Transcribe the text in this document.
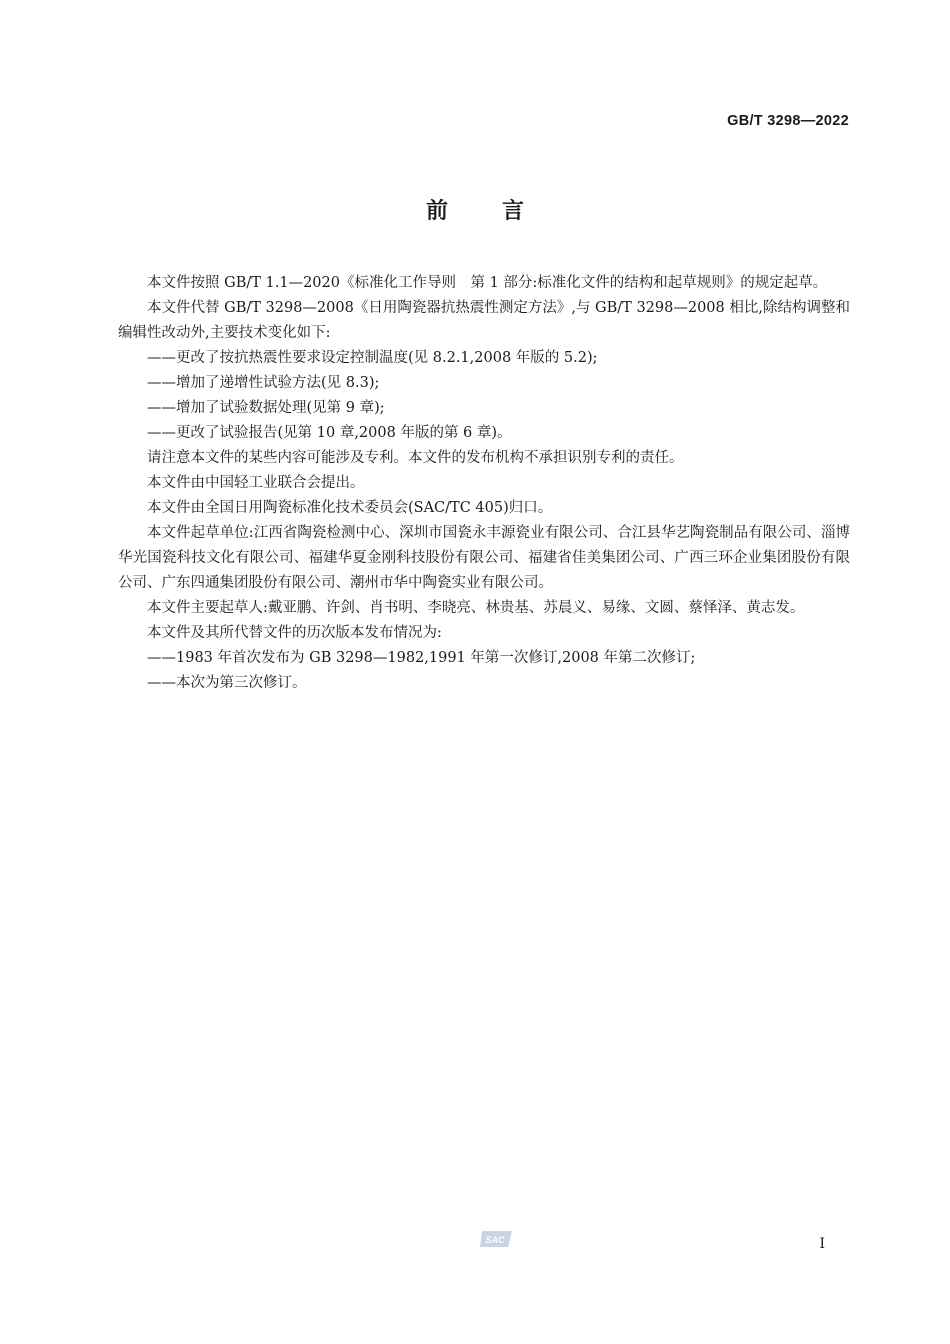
GB/T 3298—2022
前言

本文件按照 GB/T 1.1—2020《标准化工作导则　第 1 部分:标准化文件的结构和起草规则》的规定起草。

本文件代替 GB/T 3298—2008《日用陶瓷器抗热震性测定方法》,与 GB/T 3298—2008 相比,除结构调整和编辑性改动外,主要技术变化如下:

——更改了按抗热震性要求设定控制温度(见 8.2.1,2008 年版的 5.2);

——增加了递增性试验方法(见 8.3);

——增加了试验数据处理(见第 9 章);

——更改了试验报告(见第 10 章,2008 年版的第 6 章)。

请注意本文件的某些内容可能涉及专利。本文件的发布机构不承担识别专利的责任。

本文件由中国轻工业联合会提出。

本文件由全国日用陶瓷标准化技术委员会(SAC/TC 405)归口。

本文件起草单位:江西省陶瓷检测中心、深圳市国瓷永丰源瓷业有限公司、合江县华艺陶瓷制品有限公司、淄博华光国瓷科技文化有限公司、福建华夏金刚科技股份有限公司、福建省佳美集团公司、广西三环企业集团股份有限公司、广东四通集团股份有限公司、潮州市华中陶瓷实业有限公司。

本文件主要起草人:戴亚鹏、许剑、肖书明、李晓亮、林贵基、苏晨义、易缘、文圆、蔡怿泽、黄志发。

本文件及其所代替文件的历次版本发布情况为:

——1983 年首次发布为 GB 3298—1982,1991 年第一次修订,2008 年第二次修订;

——本次为第三次修订。

SAC	I
